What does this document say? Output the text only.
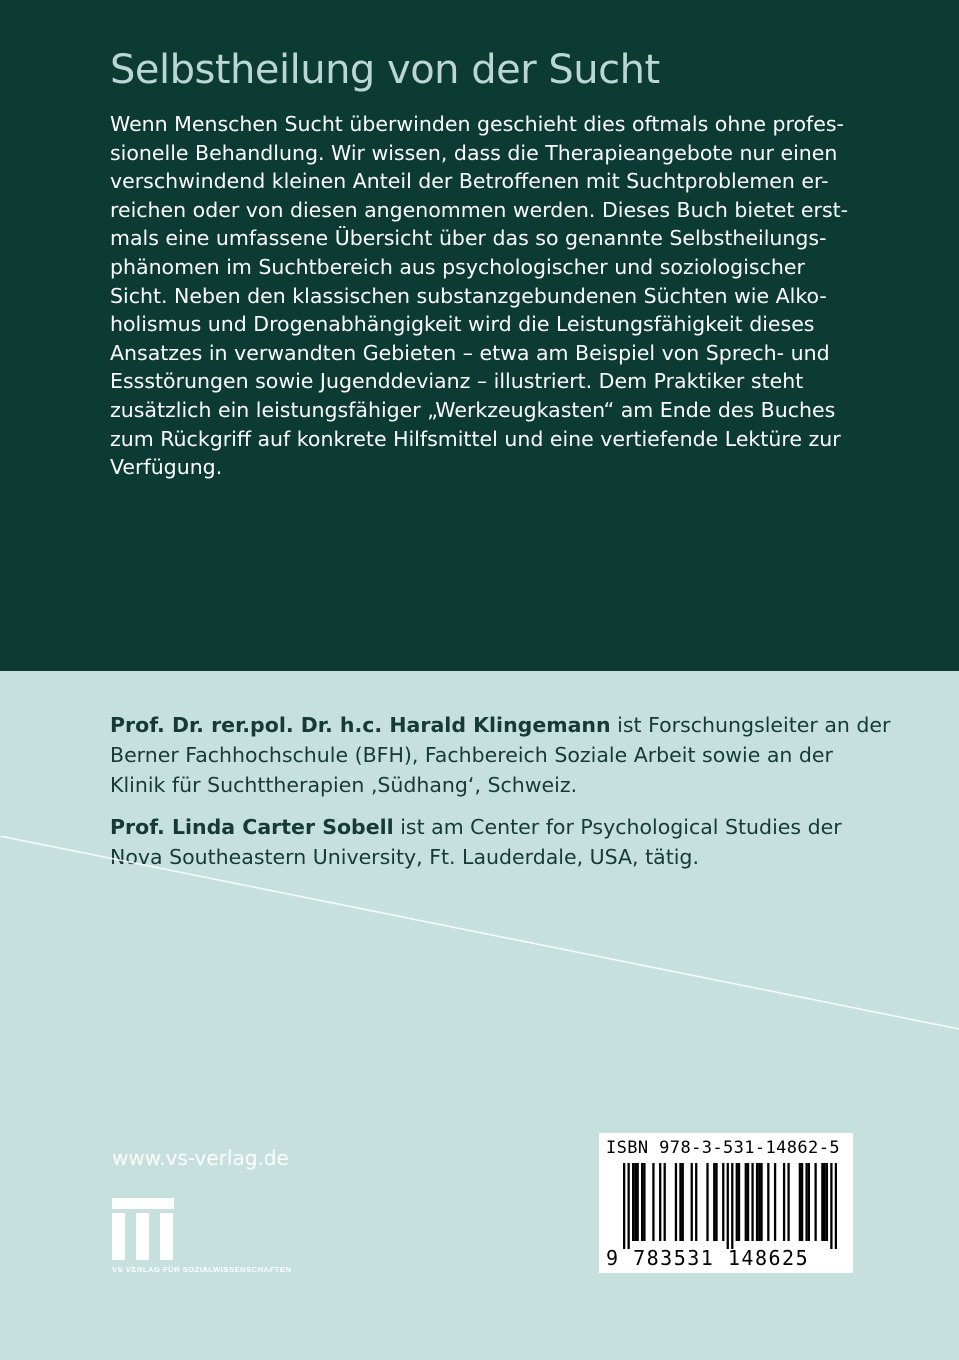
Selbstheilung von der Sucht
Wenn Menschen Sucht überwinden geschieht dies oftmals ohne profes-
sionelle Behandlung. Wir wissen, dass die Therapieangebote nur einen
verschwindend kleinen Anteil der Betroffenen mit Suchtproblemen er-
reichen oder von diesen angenommen werden. Dieses Buch bietet erst-
mals eine umfassene Übersicht über das so genannte Selbstheilungs-
phänomen im Suchtbereich aus psychologischer und soziologischer
Sicht. Neben den klassischen substanzgebundenen Süchten wie Alko-
holismus und Drogenabhängigkeit wird die Leistungsfähigkeit dieses
Ansatzes in verwandten Gebieten – etwa am Beispiel von Sprech- und
Essstörungen sowie Jugenddevianz – illustriert. Dem Praktiker steht
zusätzlich ein leistungsfähiger „Werkzeugkasten“ am Ende des Buches
zum Rückgriff auf konkrete Hilfsmittel und eine vertiefende Lektüre zur
Verfügung.

Prof. Dr. rer.pol. Dr. h.c. Harald Klingemann ist Forschungsleiter an der
Berner Fachhochschule (BFH), Fachbereich Soziale Arbeit sowie an der
Klinik für Suchttherapien ‚Südhang‘, Schweiz.

Prof. Linda Carter Sobell ist am Center for Psychological Studies der
Nova Southeastern University, Ft. Lauderdale, USA, tätig.

www.vs-verlag.de

VS VERLAG FÜR SOZIALWISSENSCHAFTEN

ISBN 978-3-531-14862-5

9 783531 148625
